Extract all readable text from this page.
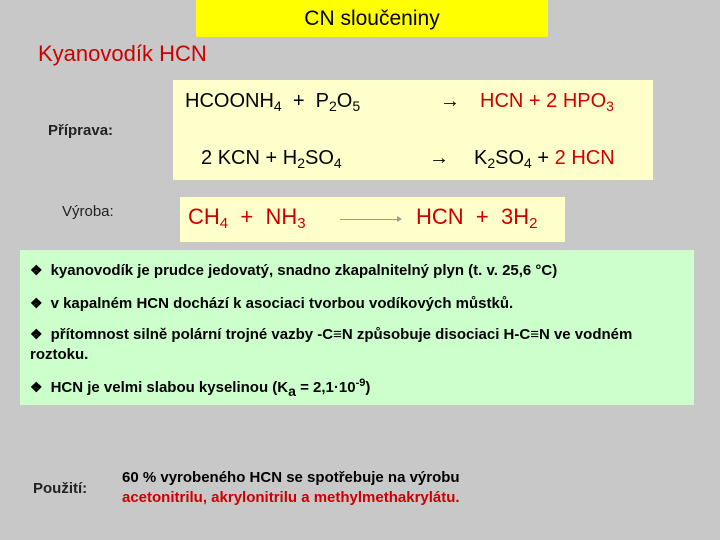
CN sloučeniny
Kyanovodík HCN
$HCOONH_4 + P_2O_5$	→ HCN + 2 $HPO_3$
2 KCN + $H_2SO_4$	→ $K_2SO_4 + 2$ HCN
Příprava:
Výroba:	$CH_4 + NH_3$	HCN  +  $3H_2$
❖ kyanovodík je prudce jedovatý, snadno zkapalnitelný plyn (t. v. 25,6 °C)
❖ v kapalném HCN dochází k asociaci tvorbou vodíkových můstků.
❖ přítomnost silně polární trojné vazby -C≡N způsobuje disociaci H-C≡N ve vodném roztoku.
❖ HCN je velmi slabou kyselinou $(K_a = 2,1\cdot 10^{-9})$
Použití:
60 % vyrobeného HCN se spotřebuje na výrobu
acetonitrilu, akrylonitrilu a methylmethakrylátu.
